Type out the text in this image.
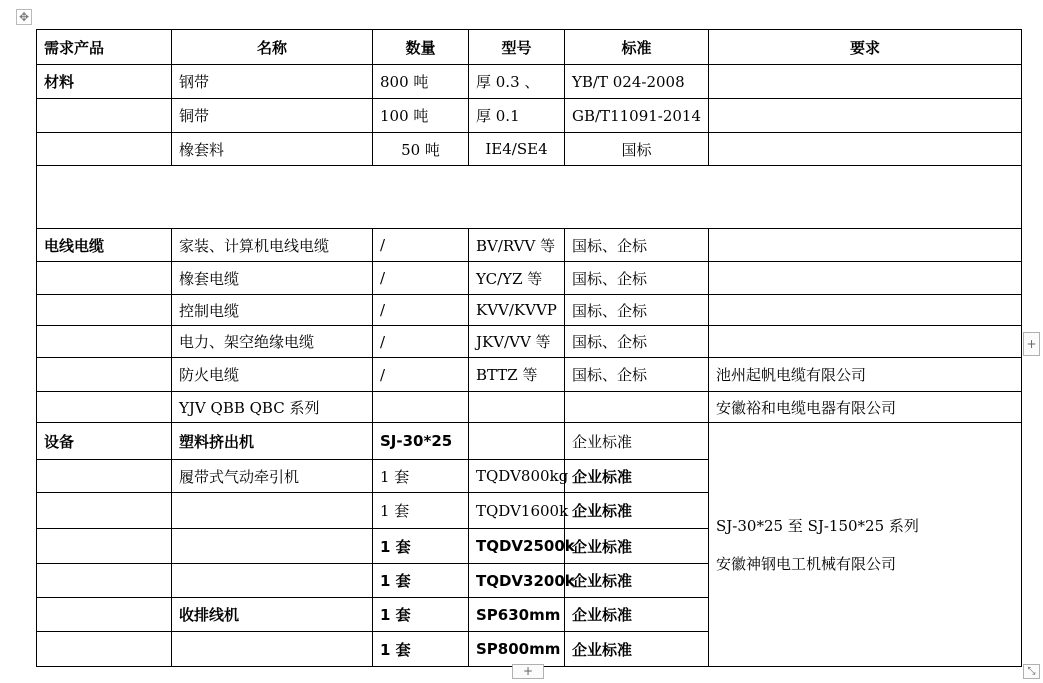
✥
需求产品	名称	数量	型号	标准	要求
材料	钢带	800 吨	厚 0.3 、	YB/T 024-2008	
	铜带	100 吨	厚 0.1	GB/T11091-2014	
	橡套料	50 吨	IE4/SE4	国标	

电线电缆	家装、计算机电线电缆	/	BV/RVV 等	国标、企标	
	橡套电缆	/	YC/YZ 等	国标、企标	
	控制电缆	/	KVV/KVVP	国标、企标	
	电力、架空绝缘电缆	/	JKV/VV 等	国标、企标	
	防火电缆	/	BTTZ 等	国标、企标	池州起帆电缆有限公司
	YJV QBB QBC 系列				安徽裕和电缆电器有限公司
设备	塑料挤出机	SJ-30*25		企业标准	SJ-30*25 至 SJ-150*25 系列
安徽神钢电工机械有限公司

	履带式气动牵引机	1 套	TQDV800kg	企业标准	
		1 套	TQDV1600k	企业标准	
		1 套	TQDV2500k	企业标准	
		1 套	TQDV3200k	企业标准	
	收排线机	1 套	SP630mm	企业标准	
		1 套	SP800mm	企业标准	
+
+	⤡
